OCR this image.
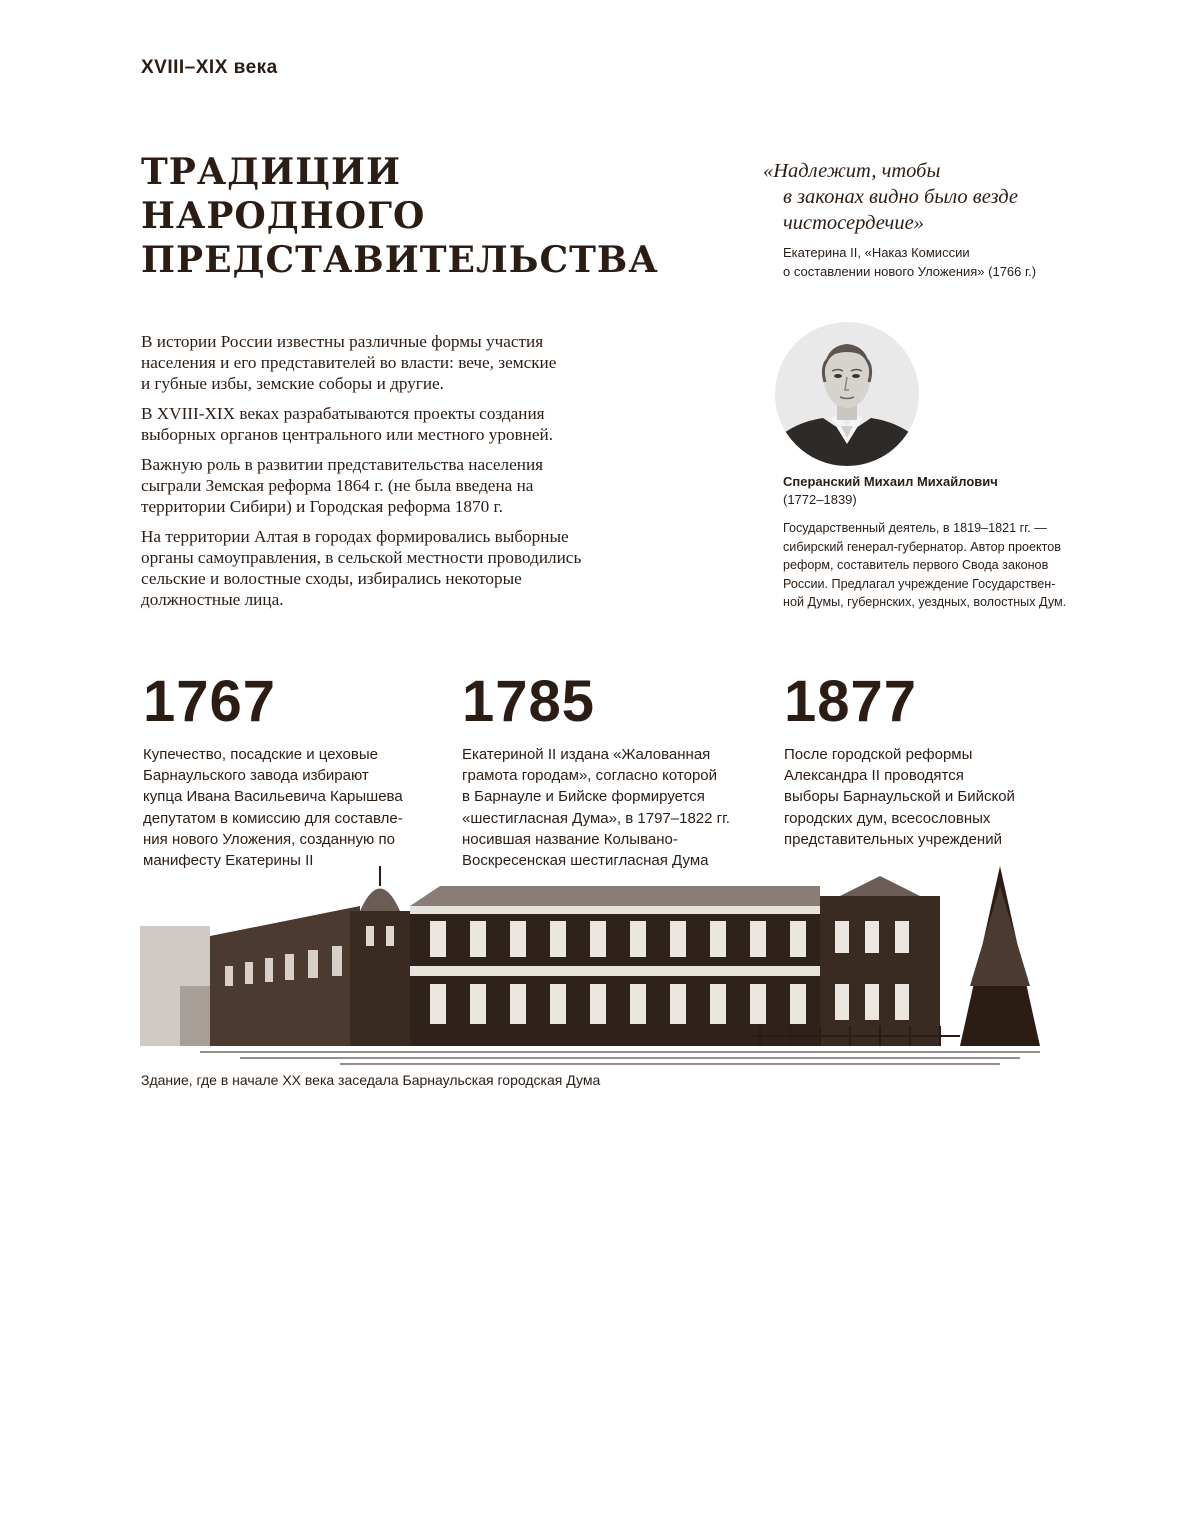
XVIII–XIX века
ТРАДИЦИИ
НАРОДНОГО
ПРЕДСТАВИТЕЛЬСТВА
«Надлежит, чтобы
в законах видно было везде
чистосердечие»
Екатерина II, «Наказ Комиссии
о составлении нового Уложения» (1766 г.)

В истории России известны различные формы участия
населения и его представителей во власти: вече, земские
и губные избы, земские соборы и другие.

В XVIII-XIX веках разрабатываются проекты создания
выборных органов центрального или местного уровней.

Важную роль в развитии представительства населения
сыграли Земская реформа 1864 г. (не была введена на
территории Сибири) и Городская реформа 1870 г.

На территории Алтая в городах формировались выборные
органы самоуправления, в сельской местности проводились
сельские и волостные сходы, избирались некоторые
должностные лица.

Сперанский Михаил Михайлович
(1772–1839)
Государственный деятель, в 1819–1821 гг. —
сибирский генерал-губернатор. Автор проектов
реформ, составитель первого Свода законов
России. Предлагал учреждение Государствен-
ной Думы, губернских, уездных, волостных Дум.
1767
Купечество, посадские и цеховые
Барнаульского завода избирают
купца Ивана Васильевича Карышева
депутатом в комиссию для составле-
ния нового Уложения, созданную по
манифесту Екатерины II
1785
Екатериной II издана «Жалованная
грамота городам», согласно которой
в Барнауле и Бийске формируется
«шестигласная Дума», в 1797–1822 гг.
носившая название Колывано-
Воскресенская шестигласная Дума
1877
После городской реформы
Александра II проводятся
выборы Барнаульской и Бийской
городских дум, всесословных
представительных учреждений
Здание, где в начале XX века заседала Барнаульская городская Дума
